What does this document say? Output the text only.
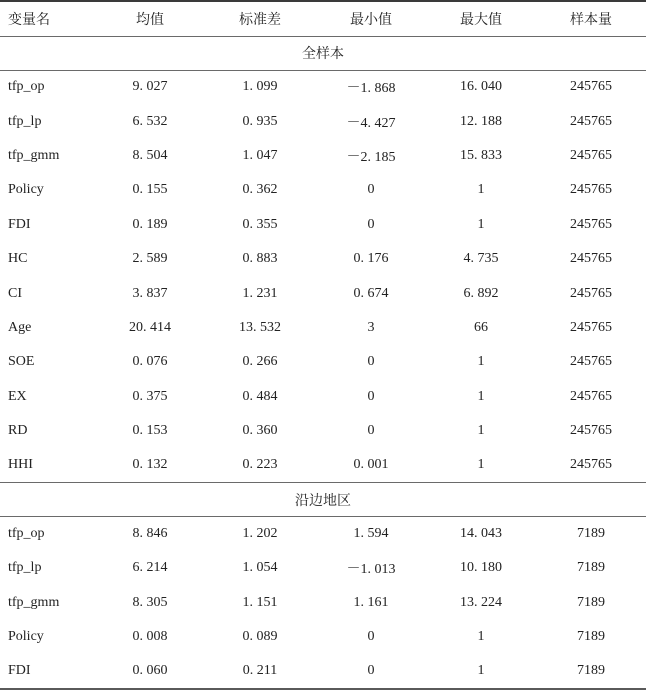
变量名	均值	标准差	最小值	最大值	样本量
全样本					
tfp_op	9. 027	1. 099	－1. 868	16. 040	245765
tfp_lp	6. 532	0. 935	－4. 427	12. 188	245765
tfp_gmm	8. 504	1. 047	－2. 185	15. 833	245765
Policy	0. 155	0. 362	0	1	245765
FDI	0. 189	0. 355	0	1	245765
HC	2. 589	0. 883	0. 176	4. 735	245765
CI	3. 837	1. 231	0. 674	6. 892	245765
Age	20. 414	13. 532	3	66	245765
SOE	0. 076	0. 266	0	1	245765
EX	0. 375	0. 484	0	1	245765
RD	0. 153	0. 360	0	1	245765
HHI	0. 132	0. 223	0. 001	1	245765
沿边地区					
tfp_op	8. 846	1. 202	1. 594	14. 043	7189
tfp_lp	6. 214	1. 054	－1. 013	10. 180	7189
tfp_gmm	8. 305	1. 151	1. 161	13. 224	7189
Policy	0. 008	0. 089	0	1	7189
FDI	0. 060	0. 211	0	1	7189
